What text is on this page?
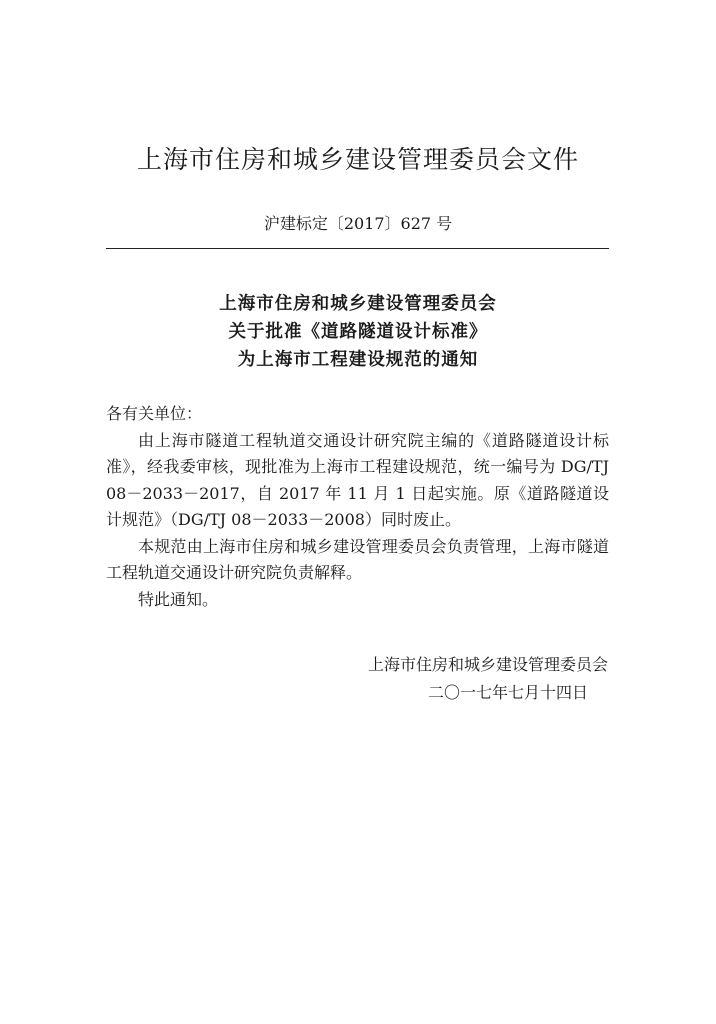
上海市住房和城乡建设管理委员会文件
沪建标定〔2017〕627 号
上海市住房和城乡建设管理委员会
关于批准《道路隧道设计标准》
为上海市工程建设规范的通知

各有关单位：

由上海市隧道工程轨道交通设计研究院主编的《道路隧道设计标准》，经我委审核，现批准为上海市工程建设规范，统一编号为 DG/TJ 08－2033－2017，自 2017 年 11 月 1 日起实施。原《道路隧道设计规范》（DG/TJ 08－2033－2008）同时废止。

本规范由上海市住房和城乡建设管理委员会负责管理，上海市隧道工程轨道交通设计研究院负责解释。

特此通知。

上海市住房和城乡建设管理委员会
二〇一七年七月十四日
